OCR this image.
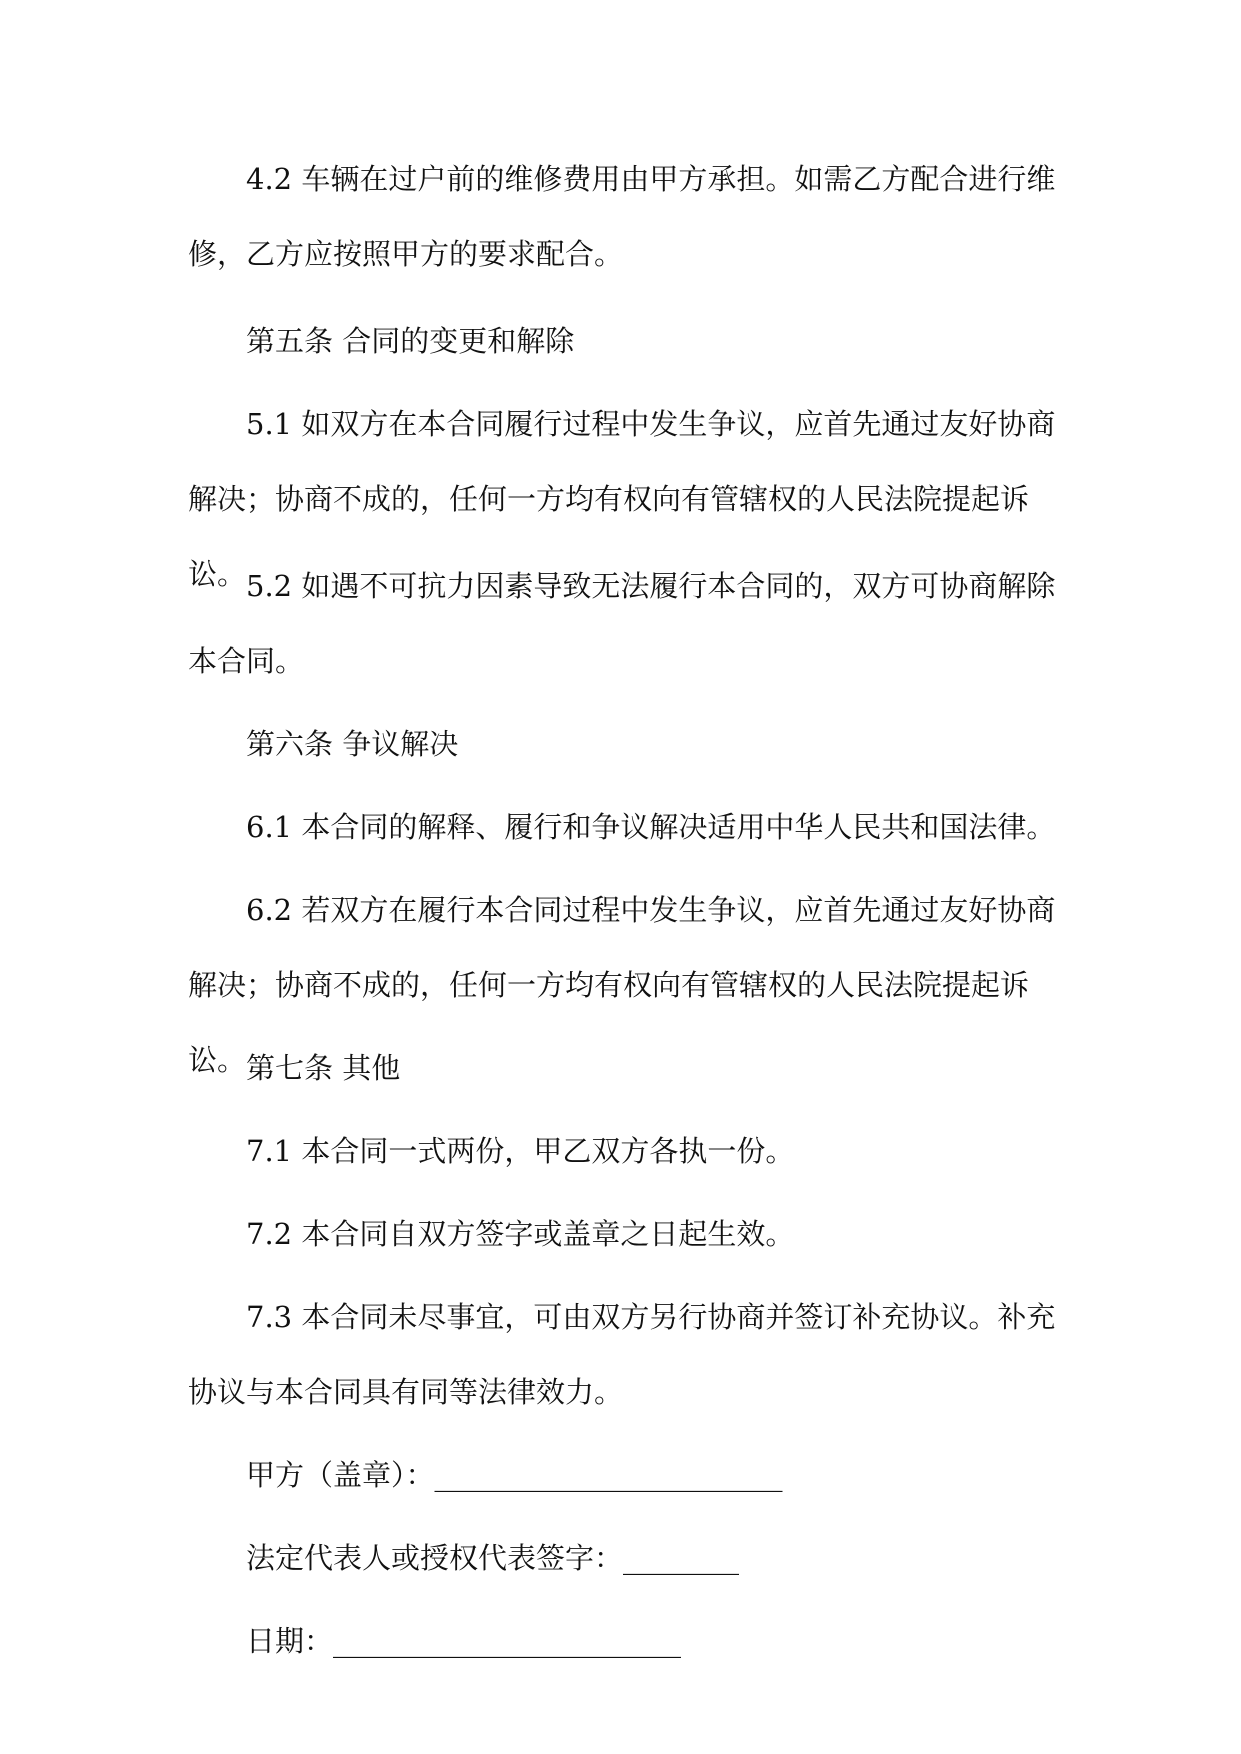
4.2 车辆在过户前的维修费用由甲方承担。如需乙方配合进行维修，乙方应按照甲方的要求配合。

第五条 合同的变更和解除

5.1 如双方在本合同履行过程中发生争议，应首先通过友好协商解决；协商不成的，任何一方均有权向有管辖权的人民法院提起诉讼。 5.2 如遇不可抗力因素导致无法履行本合同的，双方可协商解除本合同。

第六条 争议解决

6.1 本合同的解释、履行和争议解决适用中华人民共和国法律。

6.2 若双方在履行本合同过程中发生争议，应首先通过友好协商解决；协商不成的，任何一方均有权向有管辖权的人民法院提起诉讼。 第七条 其他

7.1 本合同一式两份，甲乙双方各执一份。

7.2 本合同自双方签字或盖章之日起生效。

7.3 本合同未尽事宜，可由双方另行协商并签订补充协议。补充协议与本合同具有同等法律效力。

甲方（盖章）：________________________

法定代表人或授权代表签字：________

日期：________________________
